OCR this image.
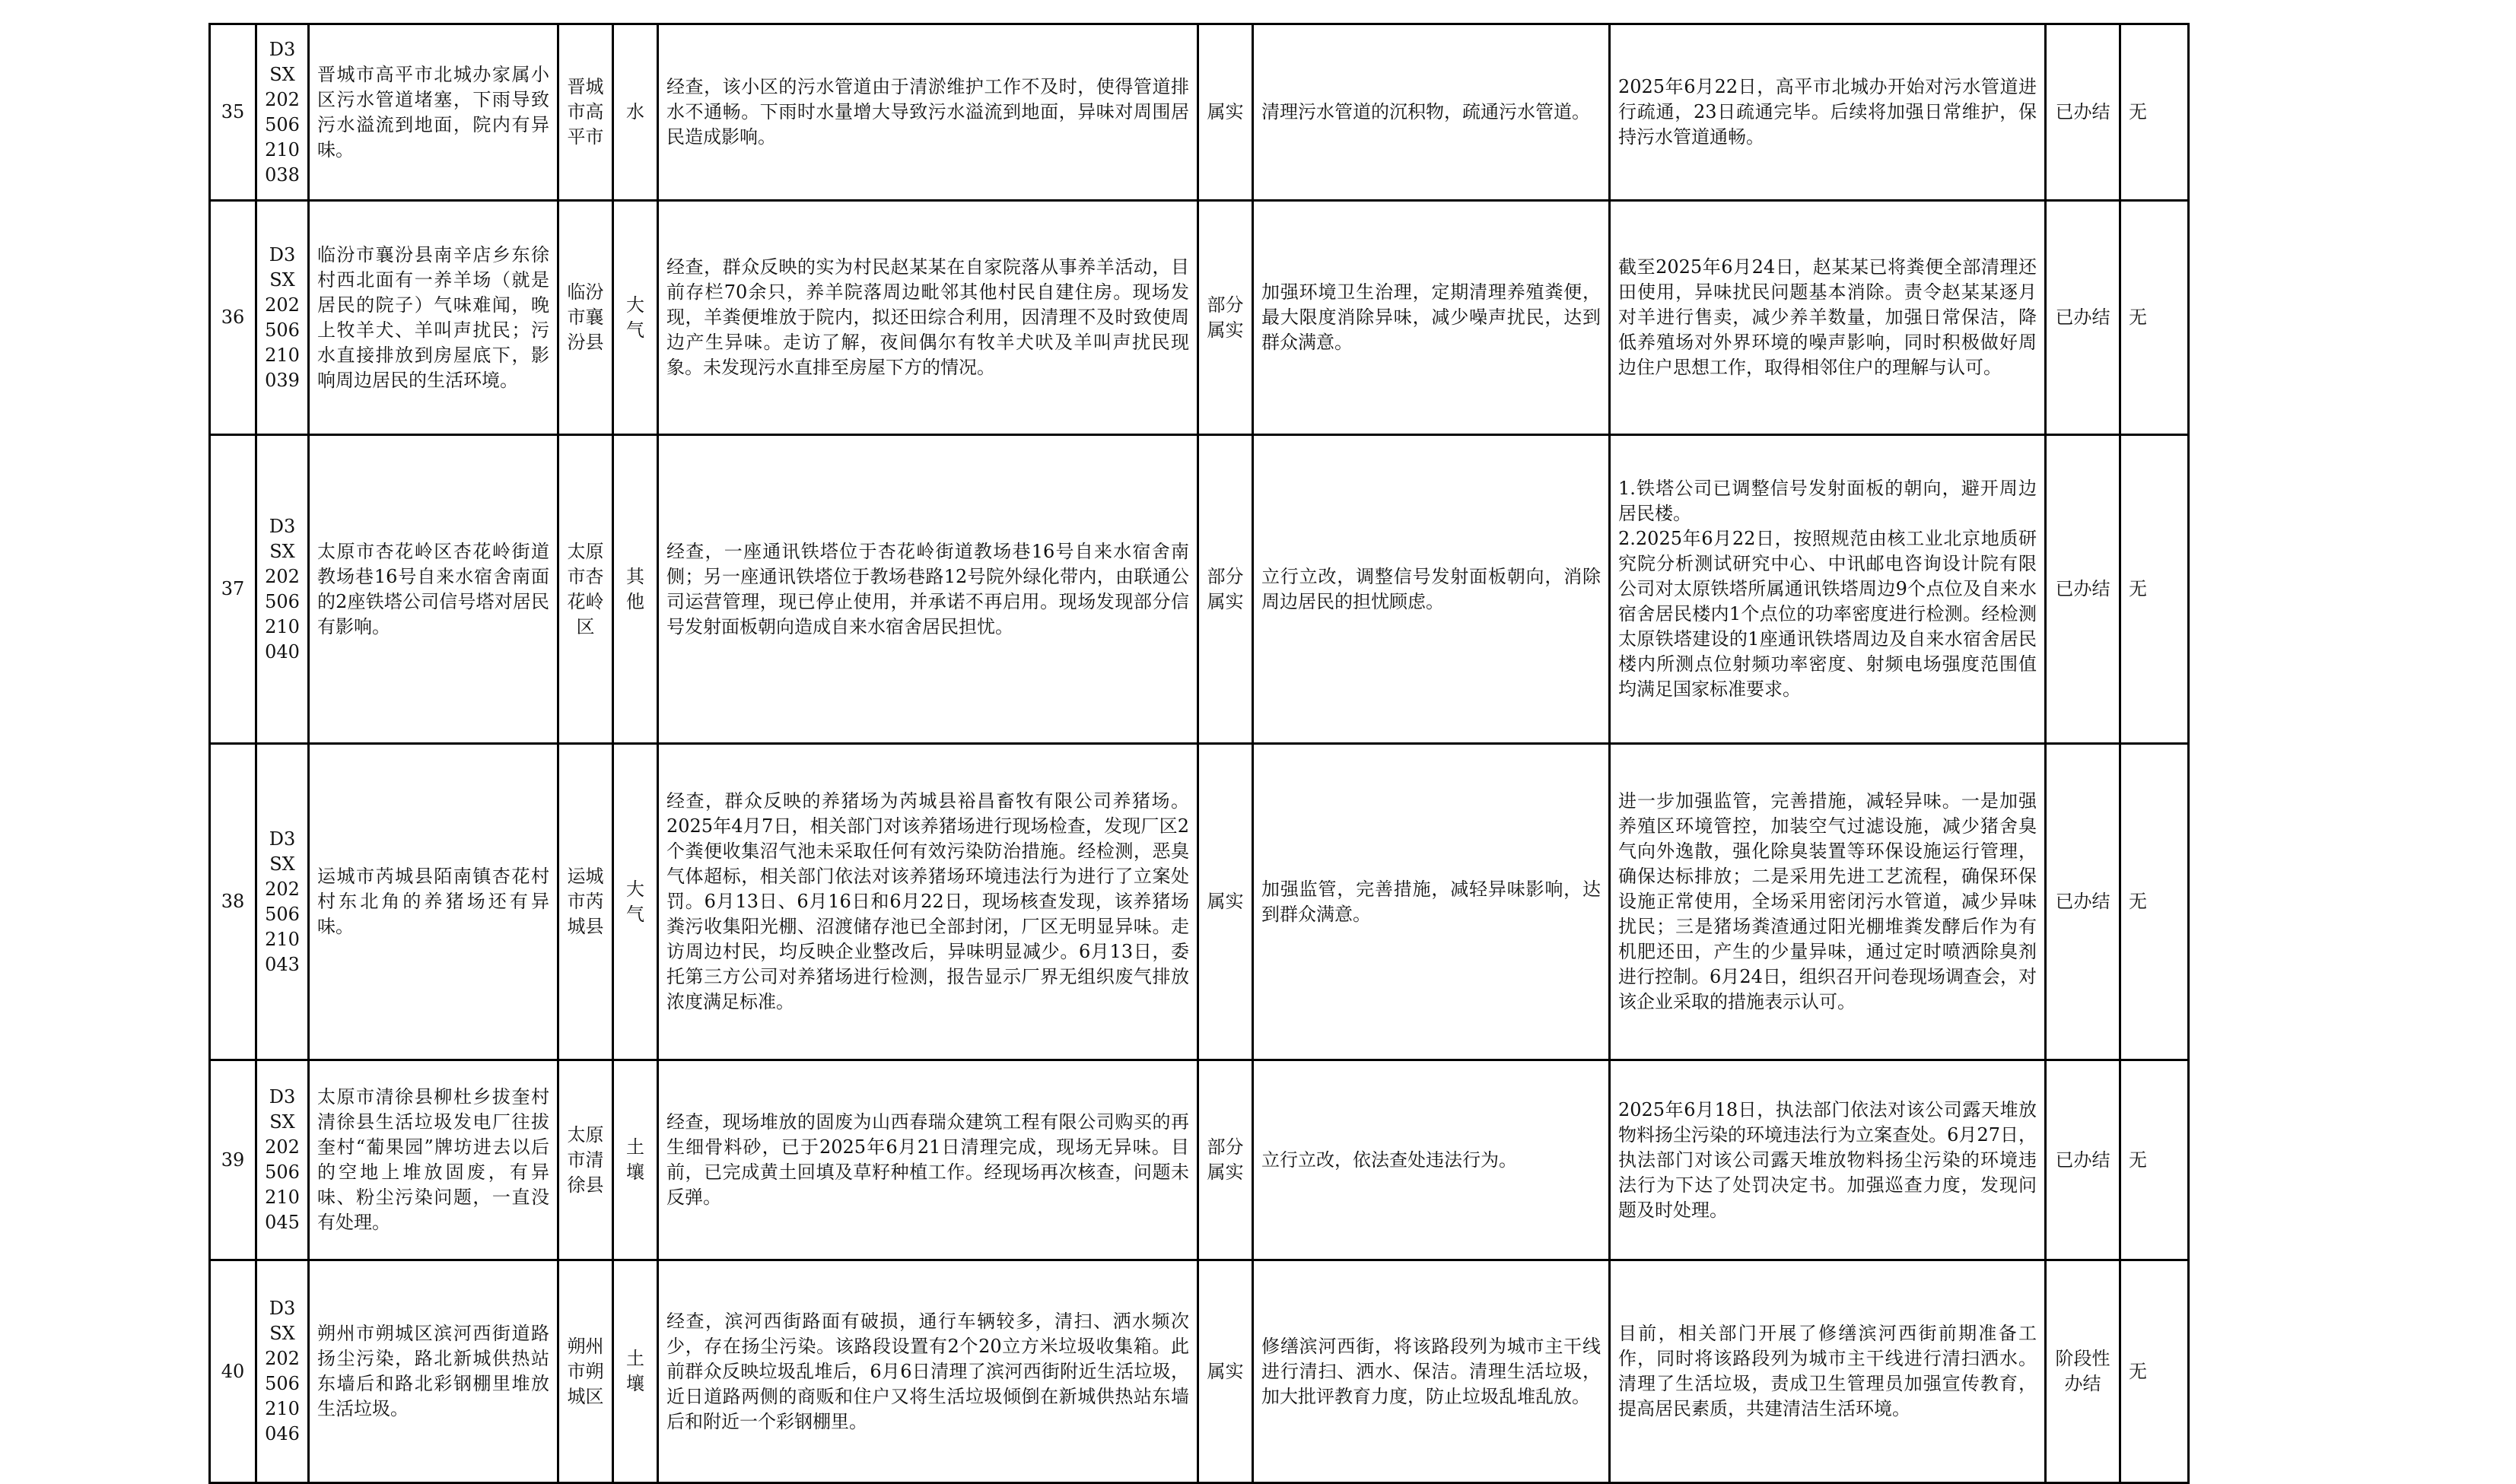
35	D3SX202506210038	晋城市高平市北城办家属小区污水管道堵塞，下雨导致污水溢流到地面，院内有异味。	晋城市高平市	水	经查，该小区的污水管道由于清淤维护工作不及时，使得管道排水不通畅。下雨时水量增大导致污水溢流到地面，异味对周围居民造成影响。	属实	清理污水管道的沉积物，疏通污水管道。	2025年6月22日，高平市北城办开始对污水管道进行疏通，23日疏通完毕。后续将加强日常维护，保持污水管道通畅。	已办结	无
36	D3SX202506210039	临汾市襄汾县南辛店乡东徐村西北面有一养羊场（就是居民的院子）气味难闻，晚上牧羊犬、羊叫声扰民；污水直接排放到房屋底下，影响周边居民的生活环境。	临汾市襄汾县	大气	经查，群众反映的实为村民赵某某在自家院落从事养羊活动，目前存栏70余只，养羊院落周边毗邻其他村民自建住房。现场发现，羊粪便堆放于院内，拟还田综合利用，因清理不及时致使周边产生异味。走访了解，夜间偶尔有牧羊犬吠及羊叫声扰民现象。未发现污水直排至房屋下方的情况。	部分属实	加强环境卫生治理，定期清理养殖粪便，最大限度消除异味，减少噪声扰民，达到群众满意。	截至2025年6月24日，赵某某已将粪便全部清理还田使用，异味扰民问题基本消除。责令赵某某逐月对羊进行售卖，减少养羊数量，加强日常保洁，降低养殖场对外界环境的噪声影响，同时积极做好周边住户思想工作，取得相邻住户的理解与认可。	已办结	无
37	D3SX202506210040	太原市杏花岭区杏花岭街道教场巷16号自来水宿舍南面的2座铁塔公司信号塔对居民有影响。	太原市杏花岭区	其他	经查，一座通讯铁塔位于杏花岭街道教场巷16号自来水宿舍南侧；另一座通讯铁塔位于教场巷路12号院外绿化带内，由联通公司运营管理，现已停止使用，并承诺不再启用。现场发现部分信号发射面板朝向造成自来水宿舍居民担忧。	部分属实	立行立改，调整信号发射面板朝向，消除周边居民的担忧顾虑。	1.铁塔公司已调整信号发射面板的朝向，避开周边居民楼。
2.2025年6月22日，按照规范由核工业北京地质研究院分析测试研究中心、中讯邮电咨询设计院有限公司对太原铁塔所属通讯铁塔周边9个点位及自来水宿舍居民楼内1个点位的功率密度进行检测。经检测太原铁塔建设的1座通讯铁塔周边及自来水宿舍居民楼内所测点位射频功率密度、射频电场强度范围值均满足国家标准要求。	已办结	无
38	D3SX202506210043	运城市芮城县陌南镇杏花村村东北角的养猪场还有异味。	运城市芮城县	大气	经查，群众反映的养猪场为芮城县裕昌畜牧有限公司养猪场。2025年4月7日，相关部门对该养猪场进行现场检查，发现厂区2个粪便收集沼气池未采取任何有效污染防治措施。经检测，恶臭气体超标，相关部门依法对该养猪场环境违法行为进行了立案处罚。6月13日、6月16日和6月22日，现场核查发现，该养猪场粪污收集阳光棚、沼渡储存池已全部封闭，厂区无明显异味。走访周边村民，均反映企业整改后，异味明显减少。6月13日，委托第三方公司对养猪场进行检测，报告显示厂界无组织废气排放浓度满足标准。	属实	加强监管，完善措施，减轻异味影响，达到群众满意。	进一步加强监管，完善措施，减轻异味。一是加强养殖区环境管控，加装空气过滤设施，减少猪舍臭气向外逸散，强化除臭装置等环保设施运行管理，确保达标排放；二是采用先进工艺流程，确保环保设施正常使用，全场采用密闭污水管道，减少异味扰民；三是猪场粪渣通过阳光棚堆粪发酵后作为有机肥还田，产生的少量异味，通过定时喷洒除臭剂进行控制。6月24日，组织召开问卷现场调查会，对该企业采取的措施表示认可。	已办结	无
39	D3SX202506210045	太原市清徐县柳杜乡拔奎村清徐县生活垃圾发电厂往拔奎村“葡果园”牌坊进去以后的空地上堆放固废，有异味、粉尘污染问题，一直没有处理。	太原市清徐县	土壤	经查，现场堆放的固废为山西春瑞众建筑工程有限公司购买的再生细骨料砂，已于2025年6月21日清理完成，现场无异味。目前，已完成黄土回填及草籽种植工作。经现场再次核查，问题未反弹。	部分属实	立行立改，依法查处违法行为。	2025年6月18日，执法部门依法对该公司露天堆放物料扬尘污染的环境违法行为立案查处。6月27日，执法部门对该公司露天堆放物料扬尘污染的环境违法行为下达了处罚决定书。加强巡查力度，发现问题及时处理。	已办结	无
40	D3SX202506210046	朔州市朔城区滨河西街道路扬尘污染，路北新城供热站东墙后和路北彩钢棚里堆放生活垃圾。	朔州市朔城区	土壤	经查，滨河西街路面有破损，通行车辆较多，清扫、洒水频次少，存在扬尘污染。该路段设置有2个20立方米垃圾收集箱。此前群众反映垃圾乱堆后，6月6日清理了滨河西街附近生活垃圾，近日道路两侧的商贩和住户又将生活垃圾倾倒在新城供热站东墙后和附近一个彩钢棚里。	属实	修缮滨河西街，将该路段列为城市主干线进行清扫、洒水、保洁。清理生活垃圾，加大批评教育力度，防止垃圾乱堆乱放。	目前，相关部门开展了修缮滨河西街前期准备工作，同时将该路段列为城市主干线进行清扫洒水。清理了生活垃圾，责成卫生管理员加强宣传教育，提高居民素质，共建清洁生活环境。	阶段性办结	无
